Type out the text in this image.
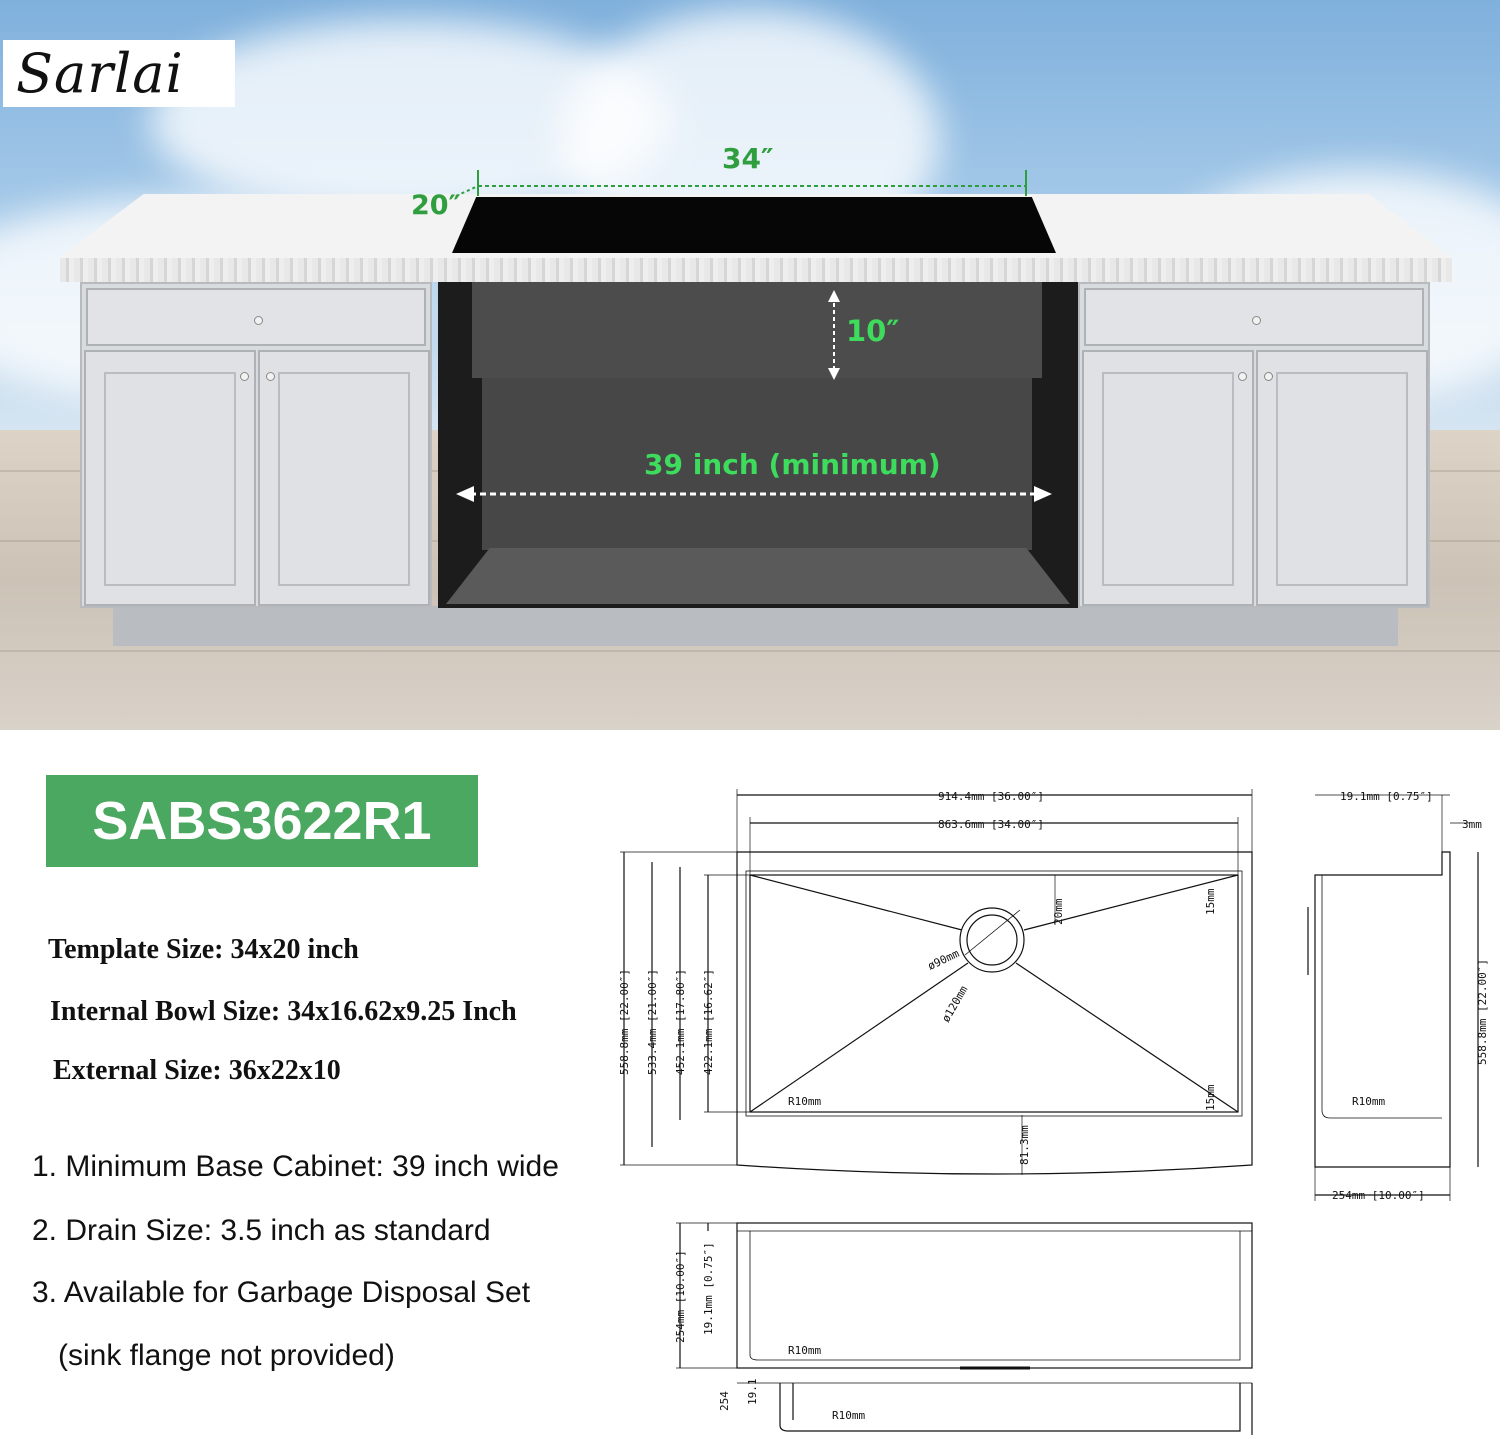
Sarlai
34″
20″
10″
39 inch (minimum)
SABS3622R1
Template Size: 34x20 inch
Internal Bowl Size: 34x16.62x9.25 Inch
External Size: 36x22x10
1. Minimum Base Cabinet: 39 inch wide
2. Drain Size: 3.5 inch as standard
3. Available for Garbage Disposal Set
(sink flange not provided)
914.4mm [36.00″]
863.6mm [34.00″]
558.8mm [22.00″] 533.4mm [21.00″] 452.1mm [17.80″] 422.1mm [16.62″]
ø90mm
ø120mm
20mm	15mm
15mm
R10mm
81.3mm
19.1mm [0.75″]
3mm
558.8mm [22.00″]
R10mm
254mm [10.00″]
254mm [10.00″] 19.1mm [0.75″]
R10mm
254 19.1
R10mm
